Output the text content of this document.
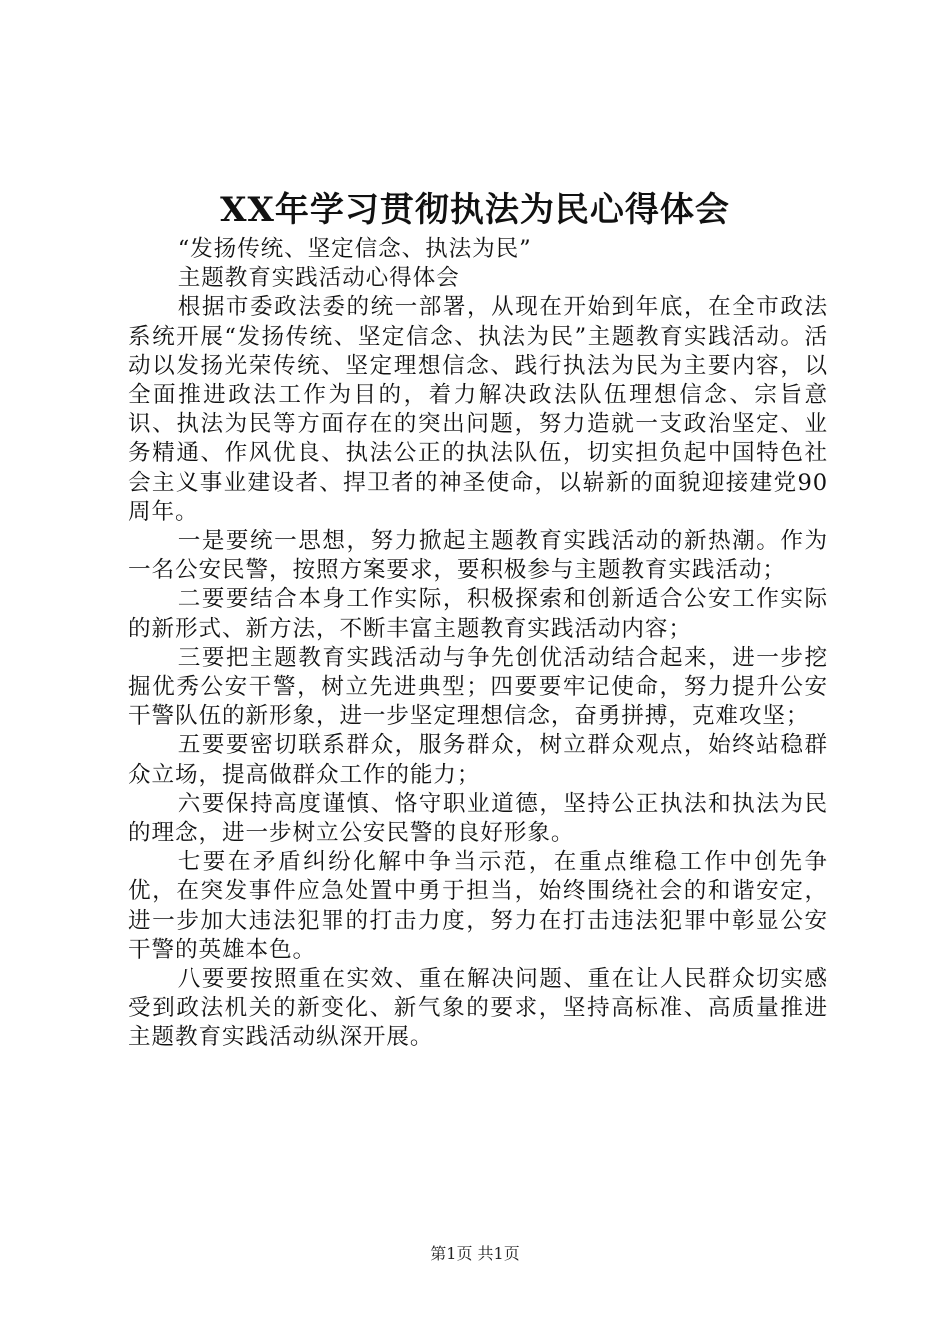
XX年学习贯彻执法为民心得体会

“发扬传统、坚定信念、执法为民”

主题教育实践活动心得体会

根据市委政法委的统一部署，从现在开始到年底，在全市政法系统开展“发扬传统、坚定信念、执法为民”主题教育实践活动。活动以发扬光荣传统、坚定理想信念、践行执法为民为主要内容，以全面推进政法工作为目的，着力解决政法队伍理想信念、宗旨意识、执法为民等方面存在的突出问题，努力造就一支政治坚定、业务精通、作风优良、执法公正的执法队伍，切实担负起中国特色社会主义事业建设者、捍卫者的神圣使命，以崭新的面貌迎接建党90周年。

一是要统一思想，努力掀起主题教育实践活动的新热潮。作为一名公安民警，按照方案要求，要积极参与主题教育实践活动；

二要要结合本身工作实际，积极探索和创新适合公安工作实际的新形式、新方法，不断丰富主题教育实践活动内容；

三要把主题教育实践活动与争先创优活动结合起来，进一步挖掘优秀公安干警，树立先进典型；四要要牢记使命，努力提升公安干警队伍的新形象，进一步坚定理想信念，奋勇拼搏，克难攻坚；

五要要密切联系群众，服务群众，树立群众观点，始终站稳群众立场，提高做群众工作的能力；

六要保持高度谨慎、恪守职业道德，坚持公正执法和执法为民的理念，进一步树立公安民警的良好形象。

七要在矛盾纠纷化解中争当示范，在重点维稳工作中创先争优，在突发事件应急处置中勇于担当，始终围绕社会的和谐安定，进一步加大违法犯罪的打击力度，努力在打击违法犯罪中彰显公安干警的英雄本色。

八要要按照重在实效、重在解决问题、重在让人民群众切实感受到政法机关的新变化、新气象的要求，坚持高标准、高质量推进主题教育实践活动纵深开展。

第1页 共1页
